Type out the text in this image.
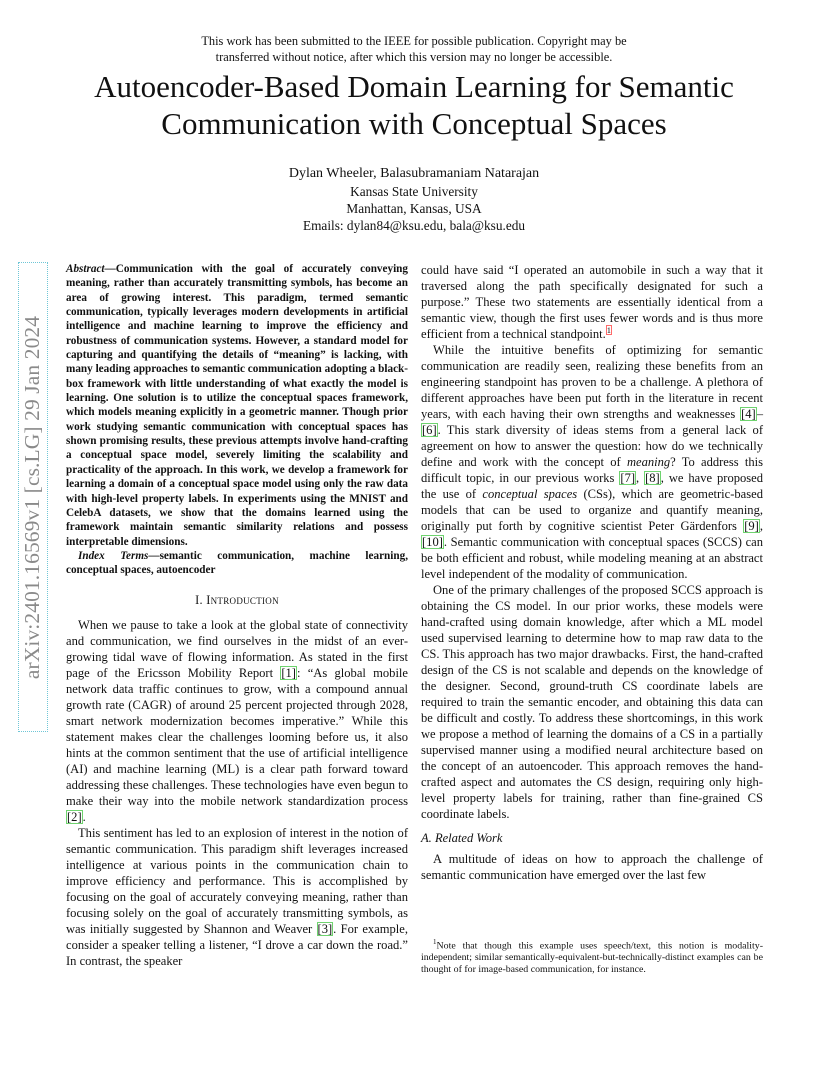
This work has been submitted to the IEEE for possible publication. Copyright may be
transferred without notice, after which this version may no longer be accessible.
Autoencoder-Based Domain Learning for Semantic
Communication with Conceptual Spaces
Dylan Wheeler, Balasubramaniam Natarajan
Kansas State University
Manhattan, Kansas, USA
Emails: dylan84@ksu.edu, bala@ksu.edu
arXiv:2401.16569v1 [cs.LG] 29 Jan 2024

Abstract—Communication with the goal of accurately conveying meaning, rather than accurately transmitting symbols, has become an area of growing interest. This paradigm, termed semantic communication, typically leverages modern developments in artificial intelligence and machine learning to improve the efficiency and robustness of communication systems. However, a standard model for capturing and quantifying the details of “meaning” is lacking, with many leading approaches to semantic communication adopting a black-box framework with little understanding of what exactly the model is learning. One solution is to utilize the conceptual spaces framework, which models meaning explicitly in a geometric manner. Though prior work studying semantic communication with conceptual spaces has shown promising results, these previous attempts involve hand-crafting a conceptual space model, severely limiting the scalability and practicality of the approach. In this work, we develop a framework for learning a domain of a conceptual space model using only the raw data with high-level property labels. In experiments using the MNIST and CelebA datasets, we show that the domains learned using the framework maintain semantic similarity relations and possess interpretable dimensions.

Index Terms—semantic communication, machine learning, conceptual spaces, autoencoder

I. Introduction

When we pause to take a look at the global state of connectivity and communication, we find ourselves in the midst of an ever-growing tidal wave of flowing information. As stated in the first page of the Ericsson Mobility Report [1]: “As global mobile network data traffic continues to grow, with a compound annual growth rate (CAGR) of around 25 percent projected through 2028, smart network modernization becomes imperative.” While this statement makes clear the challenges looming before us, it also hints at the common sentiment that the use of artificial intelligence (AI) and machine learning (ML) is a clear path forward toward addressing these challenges. These technologies have even begun to make their way into the mobile network standardization process [2].

This sentiment has led to an explosion of interest in the notion of semantic communication. This paradigm shift leverages increased intelligence at various points in the communication chain to improve efficiency and performance. This is accomplished by focusing on the goal of accurately conveying meaning, rather than focusing solely on the goal of accurately transmitting symbols, as was initially suggested by Shannon and Weaver [3]. For example, consider a speaker telling a listener, “I drove a car down the road.” In contrast, the speaker

could have said “I operated an automobile in such a way that it traversed along the path specifically designated for such a purpose.” These two statements are essentially identical from a semantic view, though the first uses fewer words and is thus more efficient from a technical standpoint.$^1$

While the intuitive benefits of optimizing for semantic communication are readily seen, realizing these benefits from an engineering standpoint has proven to be a challenge. A plethora of different approaches have been put forth in the literature in recent years, with each having their own strengths and weaknesses [4]–[6]. This stark diversity of ideas stems from a general lack of agreement on how to answer the question: how do we technically define and work with the concept of meaning? To address this difficult topic, in our previous works [7], [8], we have proposed the use of conceptual spaces (CSs), which are geometric-based models that can be used to organize and quantify meaning, originally put forth by cognitive scientist Peter Gärdenfors [9], [10]. Semantic communication with conceptual spaces (SCCS) can be both efficient and robust, while modeling meaning at an abstract level independent of the modality of communication.

One of the primary challenges of the proposed SCCS approach is obtaining the CS model. In our prior works, these models were hand-crafted using domain knowledge, after which a ML model used supervised learning to determine how to map raw data to the CS. This approach has two major drawbacks. First, the hand-crafted design of the CS is not scalable and depends on the knowledge of the designer. Second, ground-truth CS coordinate labels are required to train the semantic encoder, and obtaining this data can be difficult and costly. To address these shortcomings, in this work we propose a method of learning the domains of a CS in a partially supervised manner using a modified neural architecture based on the concept of an autoencoder. This approach removes the hand-crafted aspect and automates the CS design, requiring only high-level property labels for training, rather than fine-grained CS coordinate labels.

A. Related Work

A multitude of ideas on how to approach the challenge of semantic communication have emerged over the last few

$^1$Note that though this example uses speech/text, this notion is modality-independent; similar semantically-equivalent-but-technically-distinct examples can be thought of for image-based communication, for instance.
